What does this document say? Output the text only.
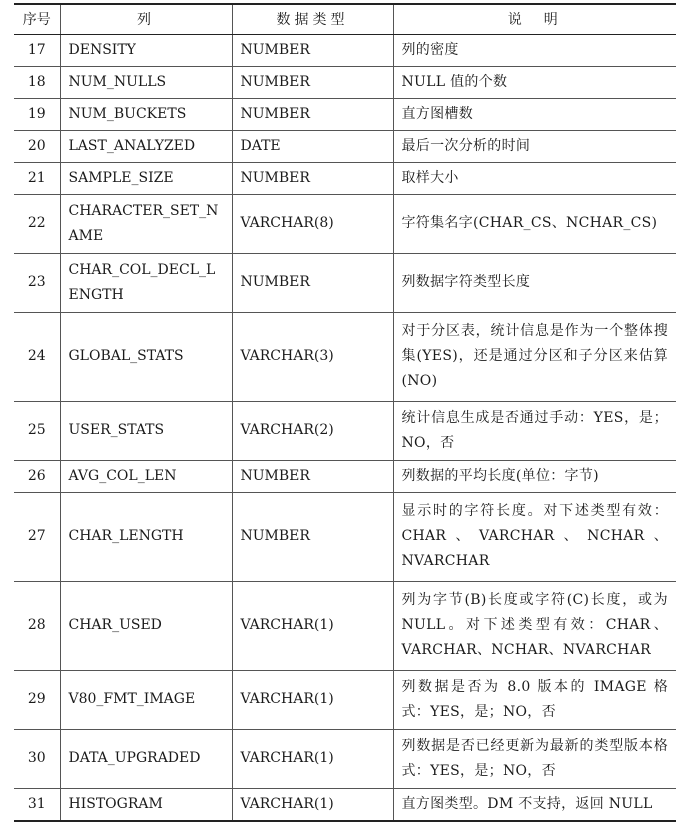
序号	列	数据类型	说　明
17	DENSITY	NUMBER	列的密度
18	NUM_NULLS	NUMBER	NULL 值的个数
19	NUM_BUCKETS	NUMBER	直方图槽数
20	LAST_ANALYZED	DATE	最后一次分析的时间
21	SAMPLE_SIZE	NUMBER	取样大小
22	CHARACTER_SET_NAME	VARCHAR(8)	字符集名字(CHAR_CS、NCHAR_CS)
23	CHAR_COL_DECL_LENGTH	NUMBER	列数据字符类型长度
24	GLOBAL_STATS	VARCHAR(3)	对于分区表，统计信息是作为一个整体搜集(YES)，还是通过分区和子分区来估算(NO)
25	USER_STATS	VARCHAR(2)	统计信息生成是否通过手动：YES，是；NO，否
26	AVG_COL_LEN	NUMBER	列数据的平均长度(单位：字节)
27	CHAR_LENGTH	NUMBER	显示时的字符长度。对下述类型有效：CHAR、VARCHAR、NCHAR、NVARCHAR
28	CHAR_USED	VARCHAR(1)	列为字节(B)长度或字符(C)长度，或为NULL。对下述类型有效：CHAR、VARCHAR、NCHAR、NVARCHAR
29	V80_FMT_IMAGE	VARCHAR(1)	列数据是否为 8.0 版本的 IMAGE 格式：YES，是；NO，否
30	DATA_UPGRADED	VARCHAR(1)	列数据是否已经更新为最新的类型版本格式：YES，是；NO，否
31	HISTOGRAM	VARCHAR(1)	直方图类型。DM 不支持，返回 NULL
